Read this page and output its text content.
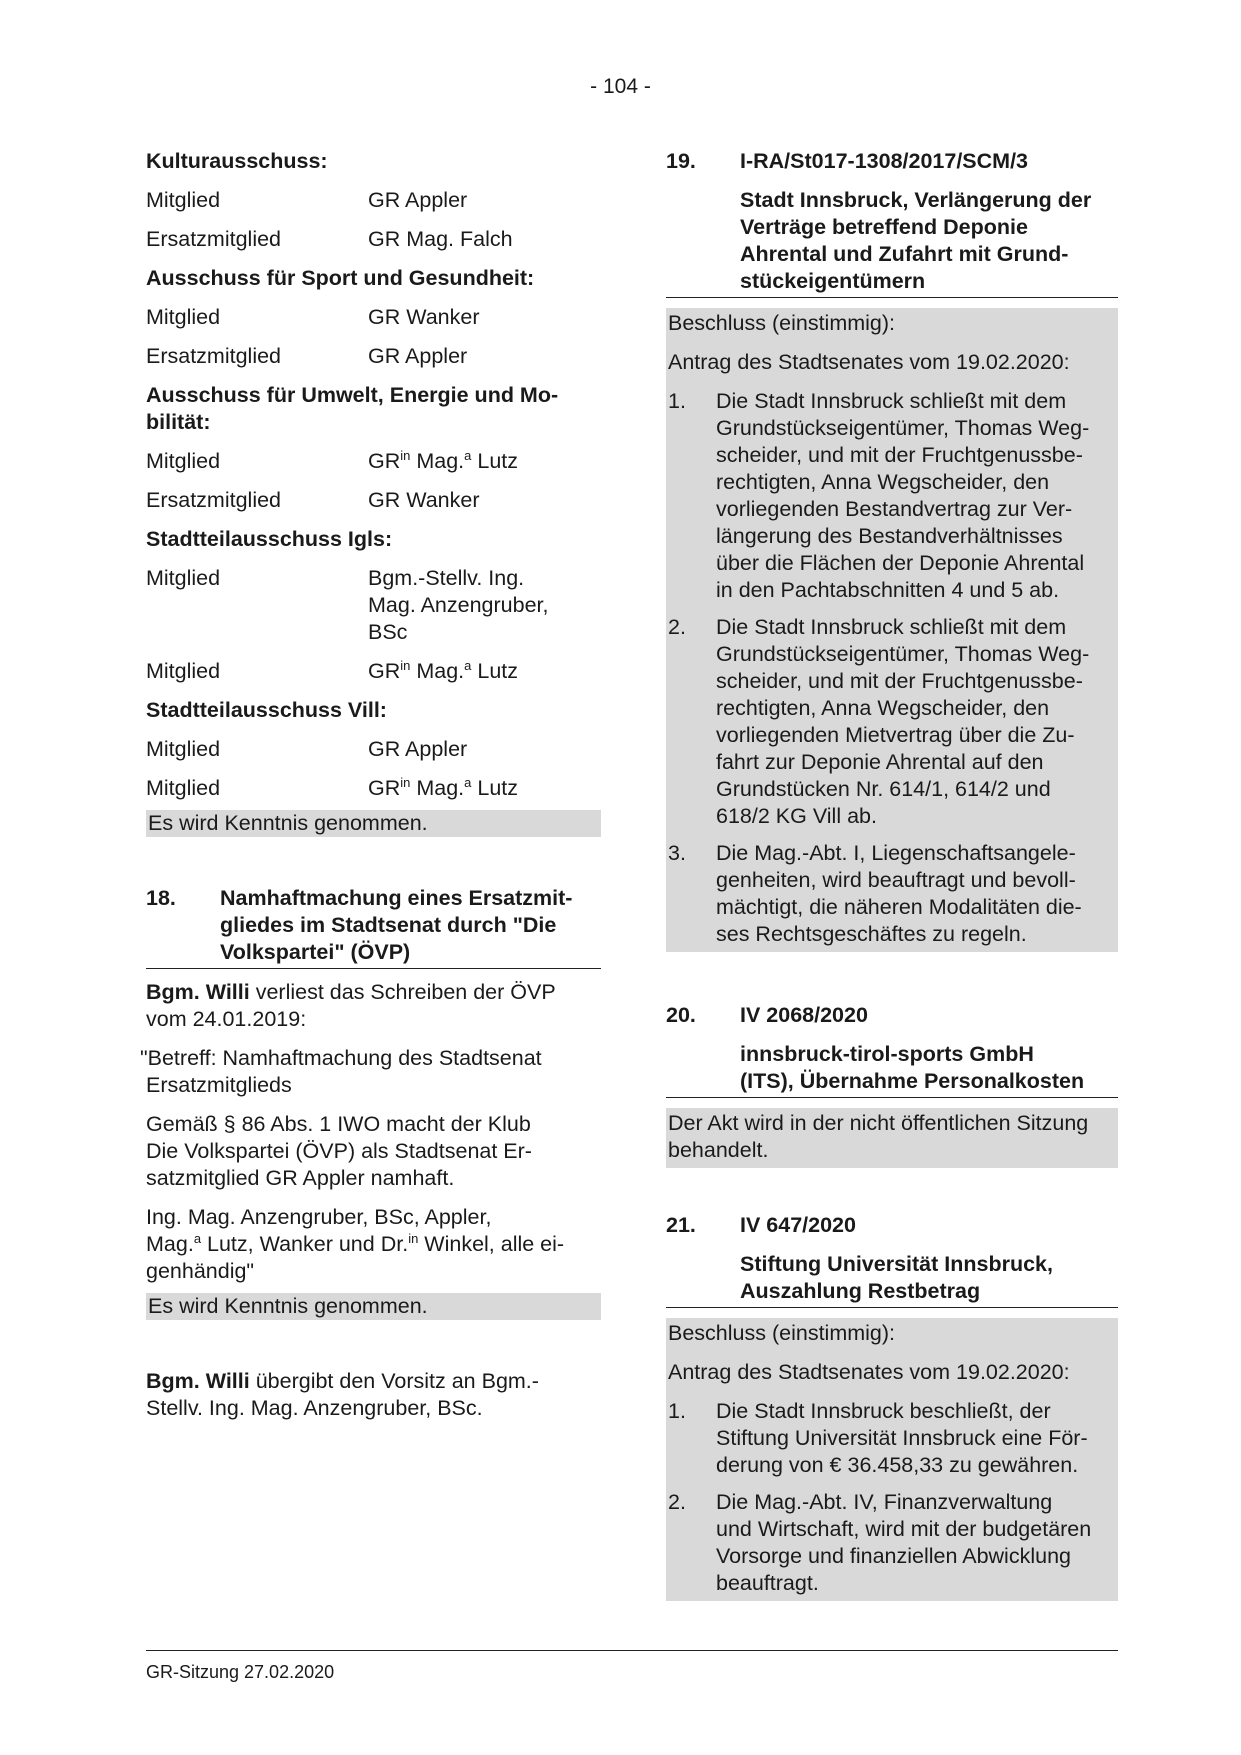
- 104 -
Kulturausschuss:
Mitglied	GR Appler
Ersatzmitglied	GR Mag. Falch
Ausschuss für Sport und Gesundheit:
Mitglied	GR Wanker
Ersatzmitglied	GR Appler
Ausschuss für Umwelt, Energie und Mo-
bilität:
Mitglied	$GR^{in}$ Mag.$^a$ Lutz
Ersatzmitglied	GR Wanker
Stadtteilausschuss Igls:
Mitglied	Bgm.-Stellv. Ing. Mag. Anzengruber, BSc
Mitglied	$GR^{in}$ Mag.$^a$ Lutz
Stadtteilausschuss Vill:
Mitglied	GR Appler
Mitglied	$GR^{in}$ Mag.$^a$ Lutz
Es wird Kenntnis genommen.
18.	Namhaftmachung eines Ersatzmit-
gliedes im Stadtsenat durch "Die
Volkspartei" (ÖVP)
Bgm. Willi verliest das Schreiben der ÖVP
vom 24.01.2019:
"Betreff: Namhaftmachung des Stadtsenat
Ersatzmitglieds
Gemäß § 86 Abs. 1 IWO macht der Klub
Die Volkspartei (ÖVP) als Stadtsenat Er-
satzmitglied GR Appler namhaft.
Ing. Mag. Anzengruber, BSc, Appler,
Mag.$^a$ Lutz, Wanker und Dr.$^{in}$ Winkel, alle ei-
genhändig"
Es wird Kenntnis genommen.
Bgm. Willi übergibt den Vorsitz an Bgm.-
Stellv. Ing. Mag. Anzengruber, BSc.
19.	I-RA/St017-1308/2017/SCM/3
Stadt Innsbruck, Verlängerung der
Verträge betreffend Deponie
Ahrental und Zufahrt mit Grund-
stückeigentümern
Beschluss (einstimmig):
Antrag des Stadtsenates vom 19.02.2020:
1.	Die Stadt Innsbruck schließt mit dem
Grundstückseigentümer, Thomas Weg-
scheider, und mit der Fruchtgenussbe-
rechtigten, Anna Wegscheider, den
vorliegenden Bestandvertrag zur Ver-
längerung des Bestandverhältnisses
über die Flächen der Deponie Ahrental
in den Pachtabschnitten 4 und 5 ab.
2.	Die Stadt Innsbruck schließt mit dem
Grundstückseigentümer, Thomas Weg-
scheider, und mit der Fruchtgenussbe-
rechtigten, Anna Wegscheider, den
vorliegenden Mietvertrag über die Zu-
fahrt zur Deponie Ahrental auf den
Grundstücken Nr. 614/1, 614/2 und
618/2 KG Vill ab.
3.	Die Mag.-Abt. I, Liegenschaftsangele-
genheiten, wird beauftragt und bevoll-
mächtigt, die näheren Modalitäten die-
ses Rechtsgeschäftes zu regeln.
20.	IV 2068/2020
innsbruck-tirol-sports GmbH
(ITS), Übernahme Personalkosten
Der Akt wird in der nicht öffentlichen Sitzung
behandelt.
21.	IV 647/2020
Stiftung Universität Innsbruck,
Auszahlung Restbetrag
Beschluss (einstimmig):
Antrag des Stadtsenates vom 19.02.2020:
1.	Die Stadt Innsbruck beschließt, der
Stiftung Universität Innsbruck eine För-
derung von € 36.458,33 zu gewähren.
2.	Die Mag.-Abt. IV, Finanzverwaltung
und Wirtschaft, wird mit der budgetären
Vorsorge und finanziellen Abwicklung
beauftragt.
GR-Sitzung 27.02.2020
